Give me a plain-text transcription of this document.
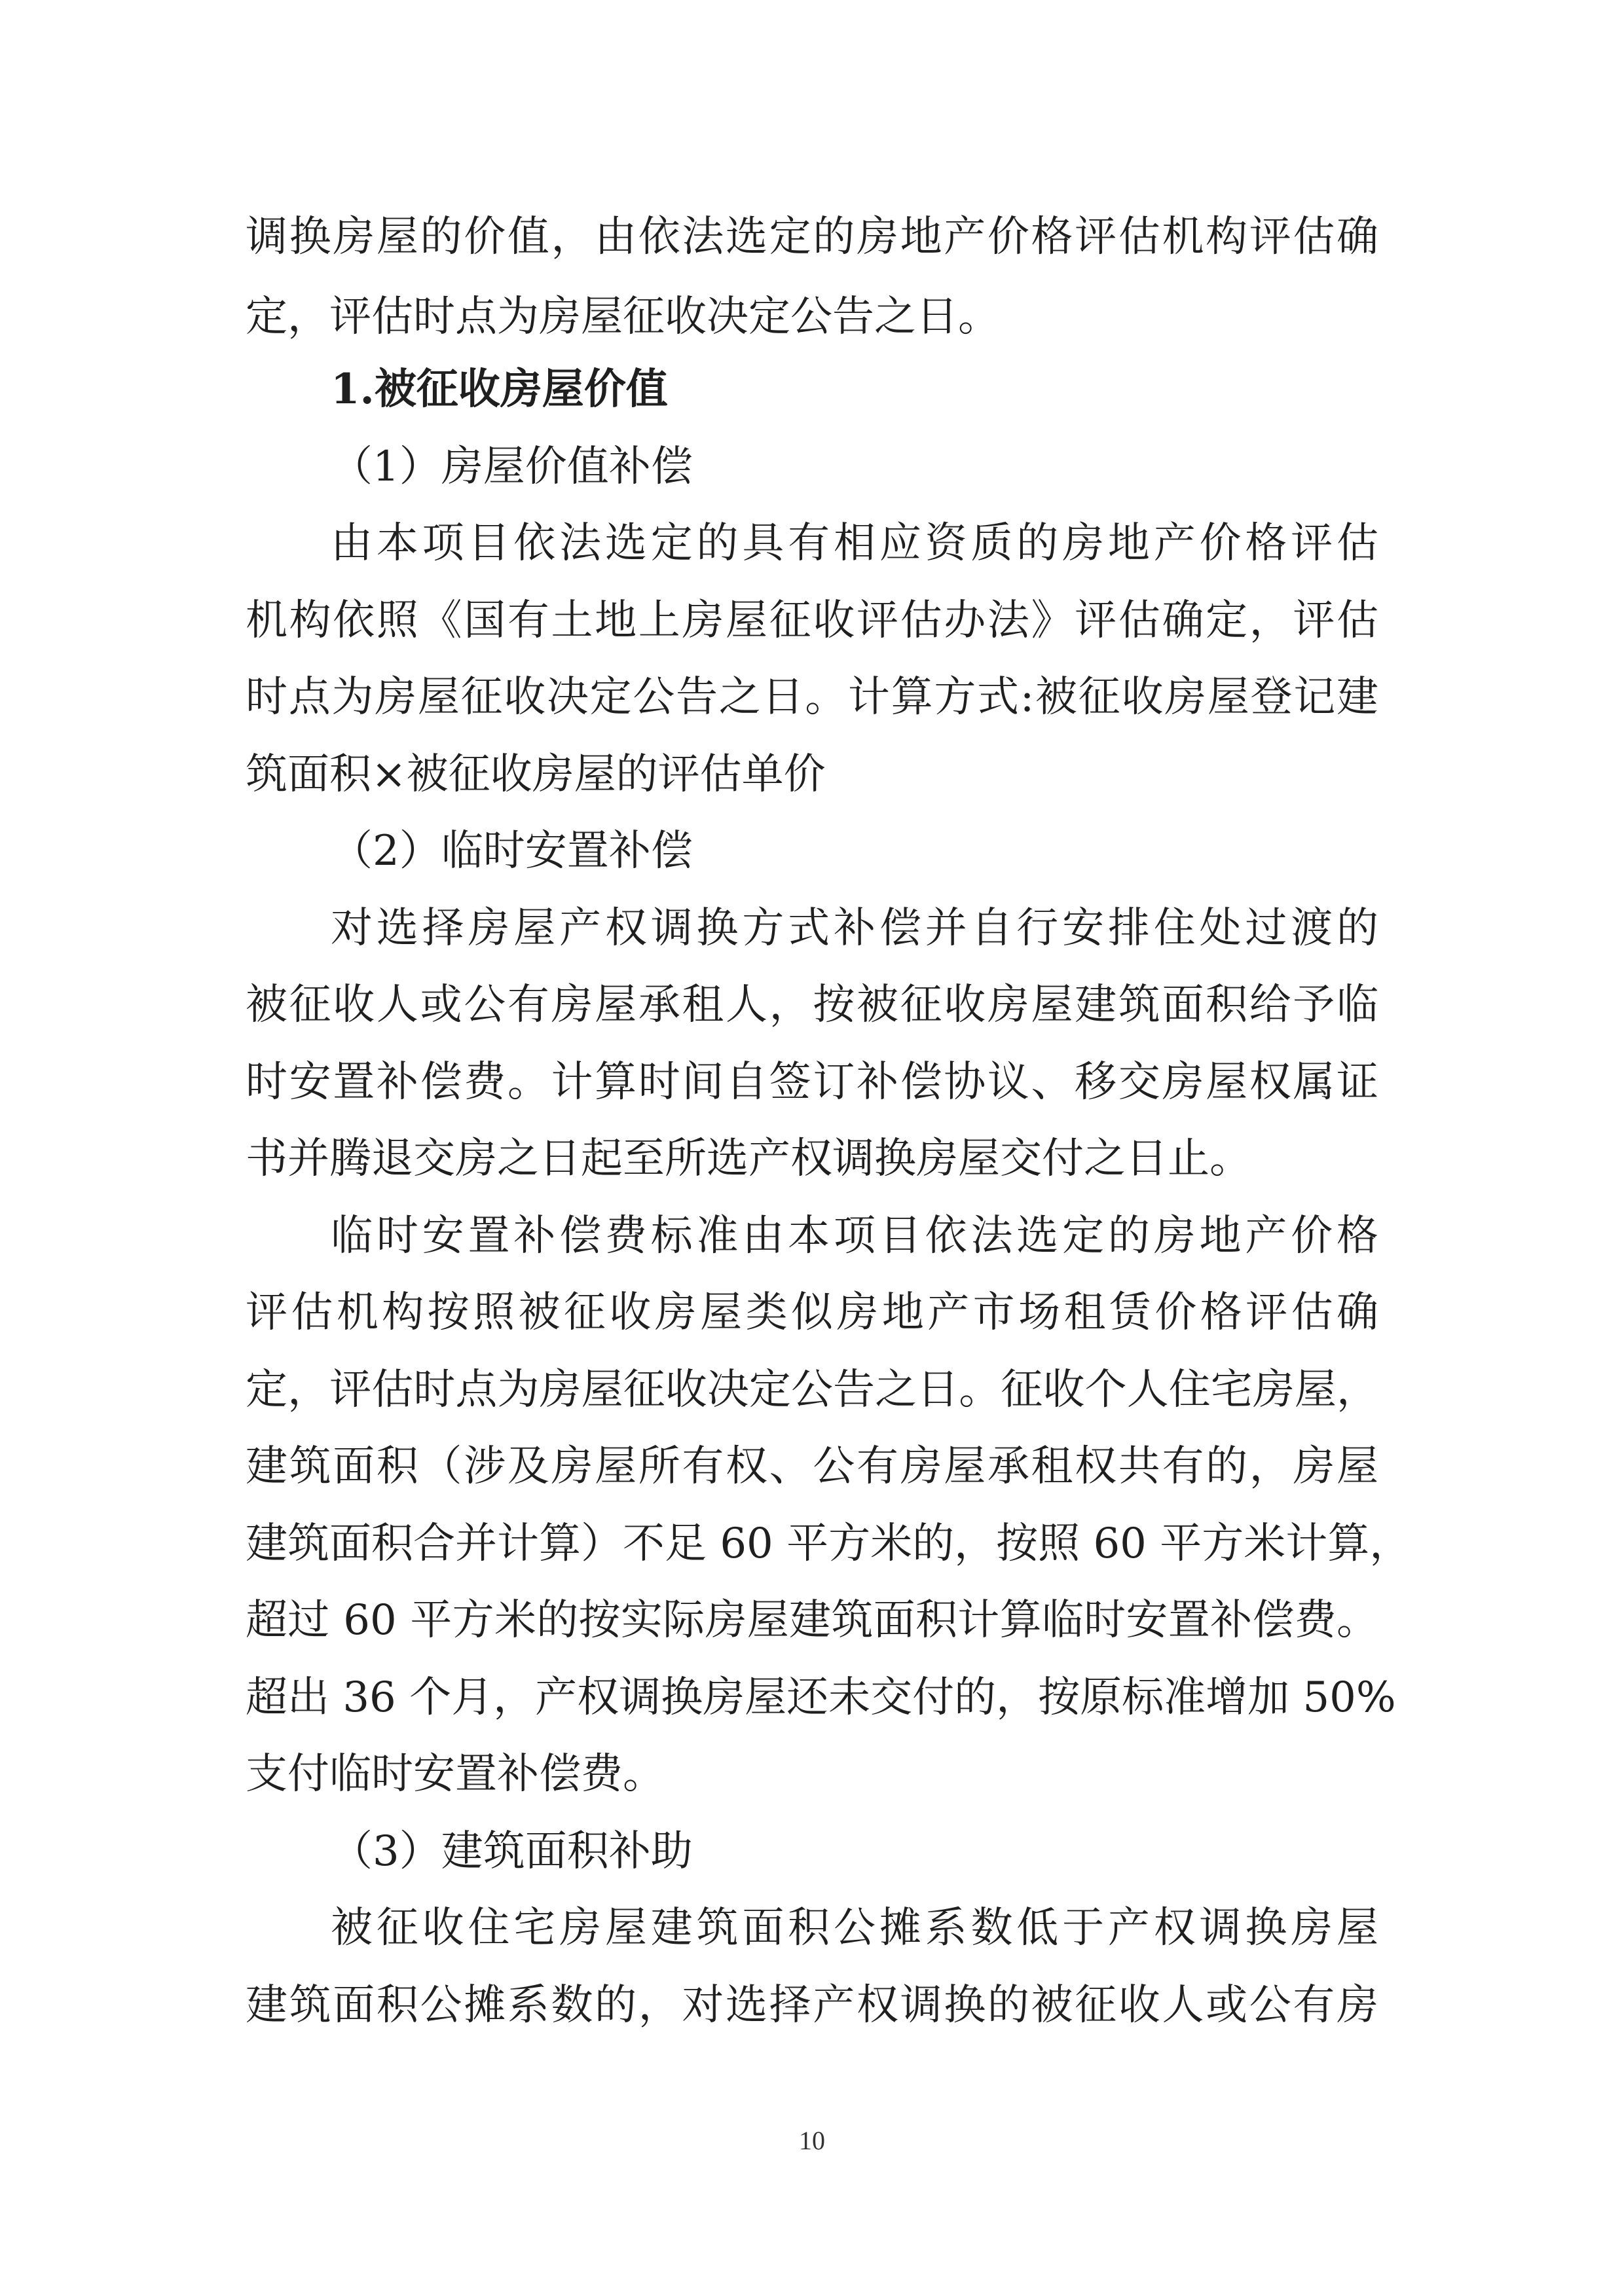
调换房屋的价值，由依法选定的房地产价格评估机构评估确
定，评估时点为房屋征收决定公告之日。
1.被征收房屋价值
（1）房屋价值补偿
由本项目依法选定的具有相应资质的房地产价格评估
机构依照《国有土地上房屋征收评估办法》评估确定，评估
时点为房屋征收决定公告之日。计算方式:被征收房屋登记建
筑面积×被征收房屋的评估单价
（2）临时安置补偿
对选择房屋产权调换方式补偿并自行安排住处过渡的
被征收人或公有房屋承租人，按被征收房屋建筑面积给予临
时安置补偿费。计算时间自签订补偿协议、移交房屋权属证
书并腾退交房之日起至所选产权调换房屋交付之日止。
临时安置补偿费标准由本项目依法选定的房地产价格
评估机构按照被征收房屋类似房地产市场租赁价格评估确
定，评估时点为房屋征收决定公告之日。征收个人住宅房屋，
建筑面积（涉及房屋所有权、公有房屋承租权共有的，房屋
建筑面积合并计算）不足 60 平方米的，按照 60 平方米计算，
超过 60 平方米的按实际房屋建筑面积计算临时安置补偿费。
超出 36 个月，产权调换房屋还未交付的，按原标准增加 50%
支付临时安置补偿费。
（3）建筑面积补助
被征收住宅房屋建筑面积公摊系数低于产权调换房屋
建筑面积公摊系数的，对选择产权调换的被征收人或公有房
10
